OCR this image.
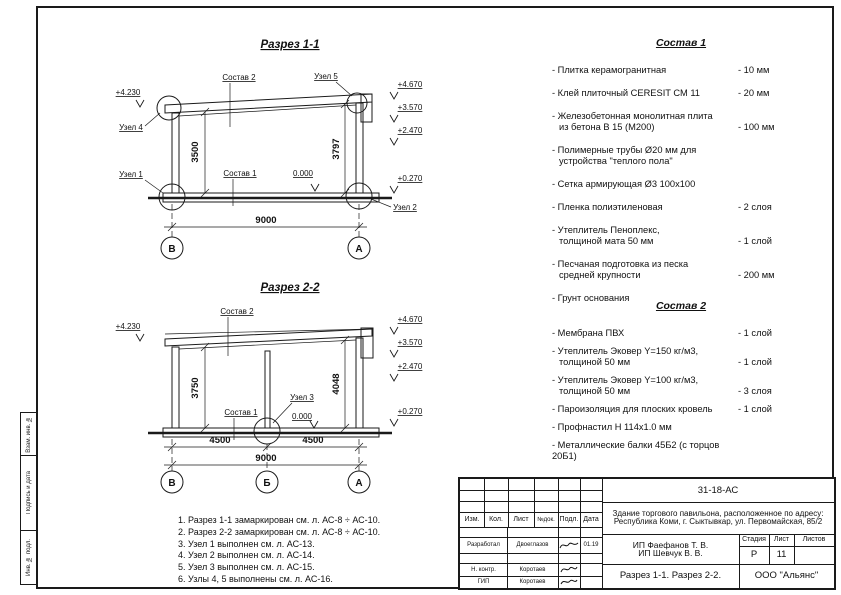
Взам. инв. №
Подпись и дата
Инв. № подл.
Разрез 1-1
3500	3797
9000
В	А
Состав 2	Узел 5
Узел 4
Узел 1	Состав 1	0.000
Узел 2
+4.230
+4.670
+3.570
+2.470
+0.270
Разрез 2-2
3750	4048
4500	4500
9000
В	Б	А
Состав 2
Состав 1
Узел 3
0.000
+4.230
+4.670
+3.570
+2.470
+0.270
Состав 1
- Плитка керамогранитная	- 10 мм
- Клей плиточный CERESIT СМ 11	- 20 мм
- Железобетонная монолитная плита
из бетона В 15 (М200)	- 100 мм
- Полимерные трубы Ø20 мм для
устройства "теплого пола"
- Сетка армирующая Ø3 100х100
- Пленка полиэтиленовая	- 2 слоя
- Утеплитель Пеноплекс,
толщиной мата 50 мм	- 1 слой
- Песчаная подготовка из песка
средней крупности	- 200 мм
- Грунт основания
Состав 2
- Мембрана ПВХ	- 1 слой
- Утеплитель Эковер Y=150 кг/м3,
толщиной 50 мм	- 1 слой
- Утеплитель Эковер Y=100 кг/м3,
толщиной 50 мм	- 3 слоя
- Пароизоляция для плоских кровель	- 1 слой
- Профнастил Н 114х1.0 мм
- Металлические балки 45Б2 (с торцов 20Б1)
1. Разрез 1-1 замаркирован см. л. АС-8 ÷ АС-10.
2. Разрез 2-2 замаркирован см. л. АС-8 ÷ АС-10.
3. Узел 1 выполнен см. л. АС-13.
4. Узел 2 выполнен см. л. АС-14.
5. Узел 3 выполнен см. л. АС-15.
6. Узлы 4, 5 выполнены см. л. АС-16.
Изм.	Кол.	Лист	№док. Подл. Дата
Разработал	Двоеглазов	01.19
Н. контр.	Коротаев
ГИП	Коротаев
31-18-АС
Здание торгового павильона, расположенное по адресу:
Республика Коми, г. Сыктывкар, ул. Первомайская, 85/2
ИП Фаефанов Т. В.
ИП Шевчук В. В.
Стадия	Лист	Листов
Р	11
Разрез 1-1. Разрез 2-2.	ООО "Альянс"
